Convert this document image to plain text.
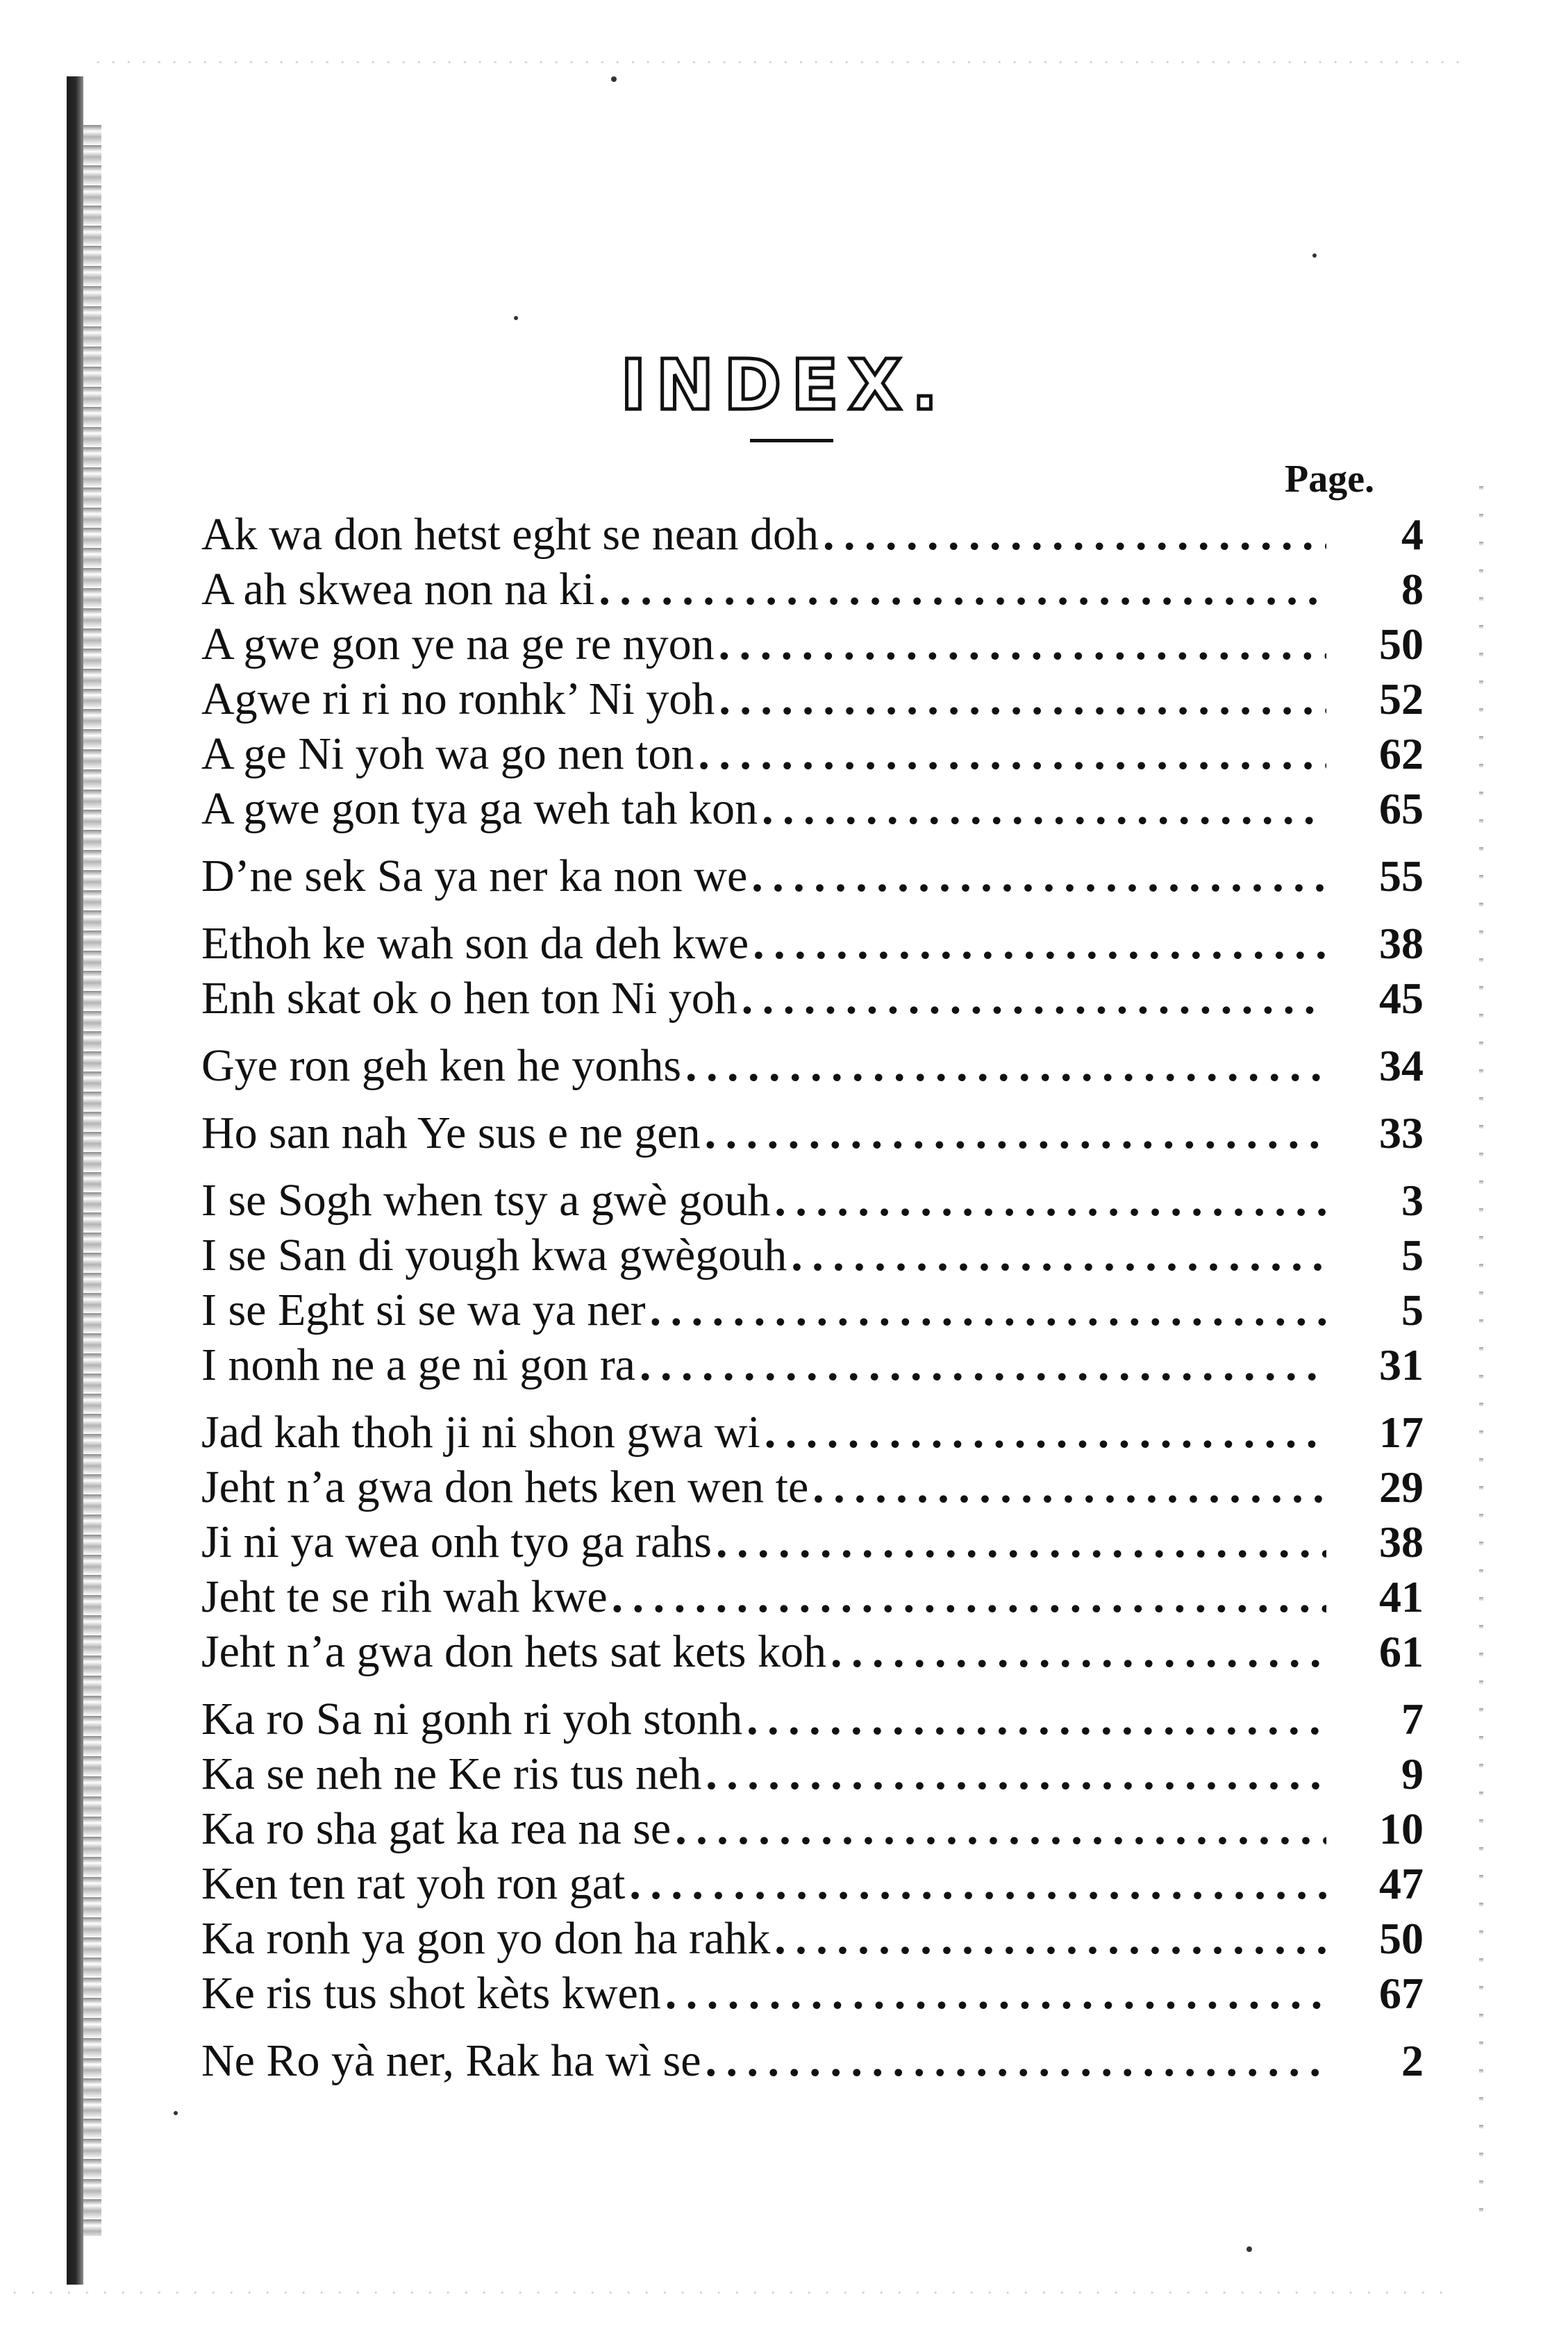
INDEX.
Page.
Ak wa don hetst eght se nean doh . . .	4
A ah skwea non na ki . . .	8
A gwe gon ye na ge re nyon . . .	50
Agwe ri ri no ronhk’ Ni yoh . . .	52
A ge Ni yoh wa go nen ton . . .	62
A gwe gon tya ga weh tah kon . . .	65
D’ne sek Sa ya ner ka non we . . .	55
Ethoh ke wah son da deh kwe . . .	38
Enh skat ok o hen ton Ni yoh . . .	45
Gye ron geh ken he yonhs . . .	34
Ho san nah Ye sus e ne gen . . .	33
I se Sogh when tsy a gwè gouh . . .	3
I se San di yough kwa gwègouh . . .	5
I se Eght si se wa ya ner . . .	5
I nonh ne a ge ni gon ra . . .	31
Jad kah thoh ji ni shon gwa wi . . .	17
Jeht n’a gwa don hets ken wen te . . .	29
Ji ni ya wea onh tyo ga rahs . . .	38
Jeht te se rih wah kwe . . .	41
Jeht n’a gwa don hets sat kets koh . . .	61
Ka ro Sa ni gonh ri yoh stonh . . .	7
Ka se neh ne Ke ris tus neh . . .	9
Ka ro sha gat ka rea na se . . .	10
Ken ten rat yoh ron gat . . .	47
Ka ronh ya gon yo don ha rahk . . .	50
Ke ris tus shot kèts kwen . . .	67
Ne Ro yà ner, Rak ha wì se . . .	2
